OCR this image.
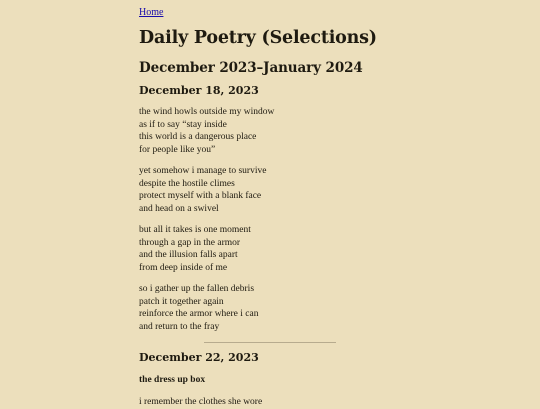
Home
Daily Poetry (Selections)
December 2023–January 2024
December 18, 2023

the wind howls outside my window
as if to say “stay inside
this world is a dangerous place
for people like you”

yet somehow i manage to survive
despite the hostile climes
protect myself with a blank face
and head on a swivel

but all it takes is one moment
through a gap in the armor
and the illusion falls apart
from deep inside of me

so i gather up the fallen debris
patch it together again
reinforce the armor where i can
and return to the fray

December 22, 2023
the dress up box

i remember the clothes she wore
